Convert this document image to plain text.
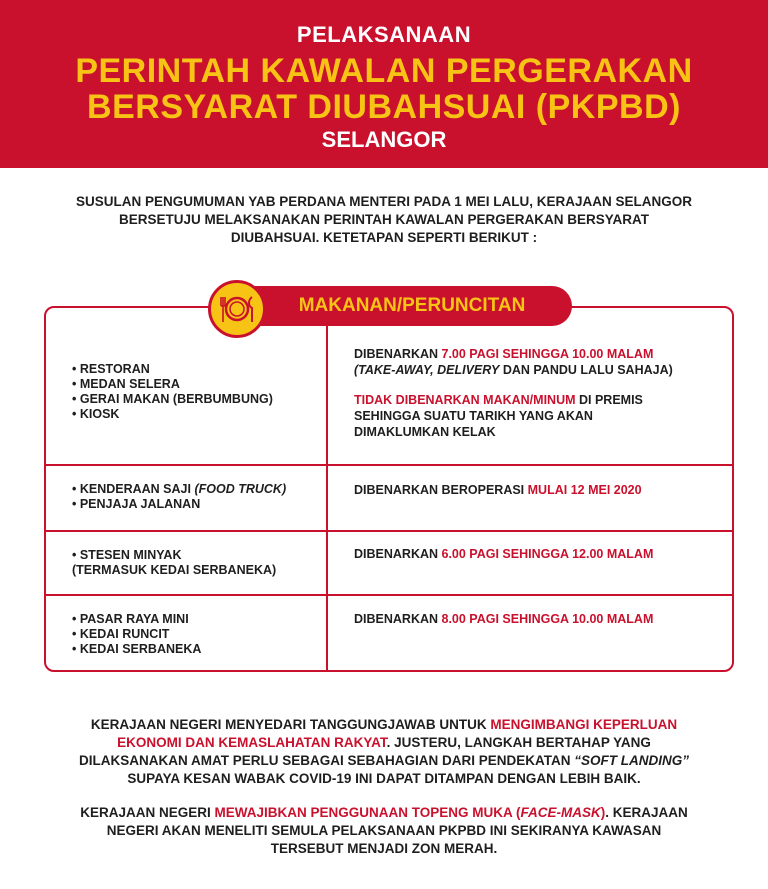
PELAKSANAAN
PERINTAH KAWALAN PERGERAKAN
BERSYARAT DIUBAHSUAI (PKPBD)
SELANGOR
SUSULAN PENGUMUMAN YAB PERDANA MENTERI PADA 1 MEI LALU, KERAJAAN SELANGOR
BERSETUJU MELAKSANAKAN PERINTAH KAWALAN PERGERAKAN BERSYARAT
DIUBAHSUAI. KETETAPAN SEPERTI BERIKUT :
MAKANAN/PERUNCITAN
• RESTORAN
• MEDAN SELERA
• GERAI MAKAN (BERBUMBUNG)
• KIOSK
DIBENARKAN 7.00 PAGI SEHINGGA 10.00 MALAM
(TAKE-AWAY, DELIVERY DAN PANDU LALU SAHAJA)
TIDAK DIBENARKAN MAKAN/MINUM DI PREMIS
SEHINGGA SUATU TARIKH YANG AKAN
DIMAKLUMKAN KELAK
• KENDERAAN SAJI (FOOD TRUCK)
• PENJAJA JALANAN
DIBENARKAN BEROPERASI MULAI 12 MEI 2020
• STESEN MINYAK
(TERMASUK KEDAI SERBANEKA)
DIBENARKAN 6.00 PAGI SEHINGGA 12.00 MALAM
• PASAR RAYA MINI
• KEDAI RUNCIT
• KEDAI SERBANEKA
DIBENARKAN 8.00 PAGI SEHINGGA 10.00 MALAM
KERAJAAN NEGERI MENYEDARI TANGGUNGJAWAB UNTUK MENGIMBANGI KEPERLUAN
EKONOMI DAN KEMASLAHATAN RAKYAT. JUSTERU, LANGKAH BERTAHAP YANG
DILAKSANAKAN AMAT PERLU SEBAGAI SEBAHAGIAN DARI PENDEKATAN “SOFT LANDING”
SUPAYA KESAN WABAK COVID-19 INI DAPAT DITAMPAN DENGAN LEBIH BAIK.
KERAJAAN NEGERI MEWAJIBKAN PENGGUNAAN TOPENG MUKA (FACE-MASK). KERAJAAN
NEGERI AKAN MENELITI SEMULA PELAKSANAAN PKPBD INI SEKIRANYA KAWASAN
TERSEBUT MENJADI ZON MERAH.
